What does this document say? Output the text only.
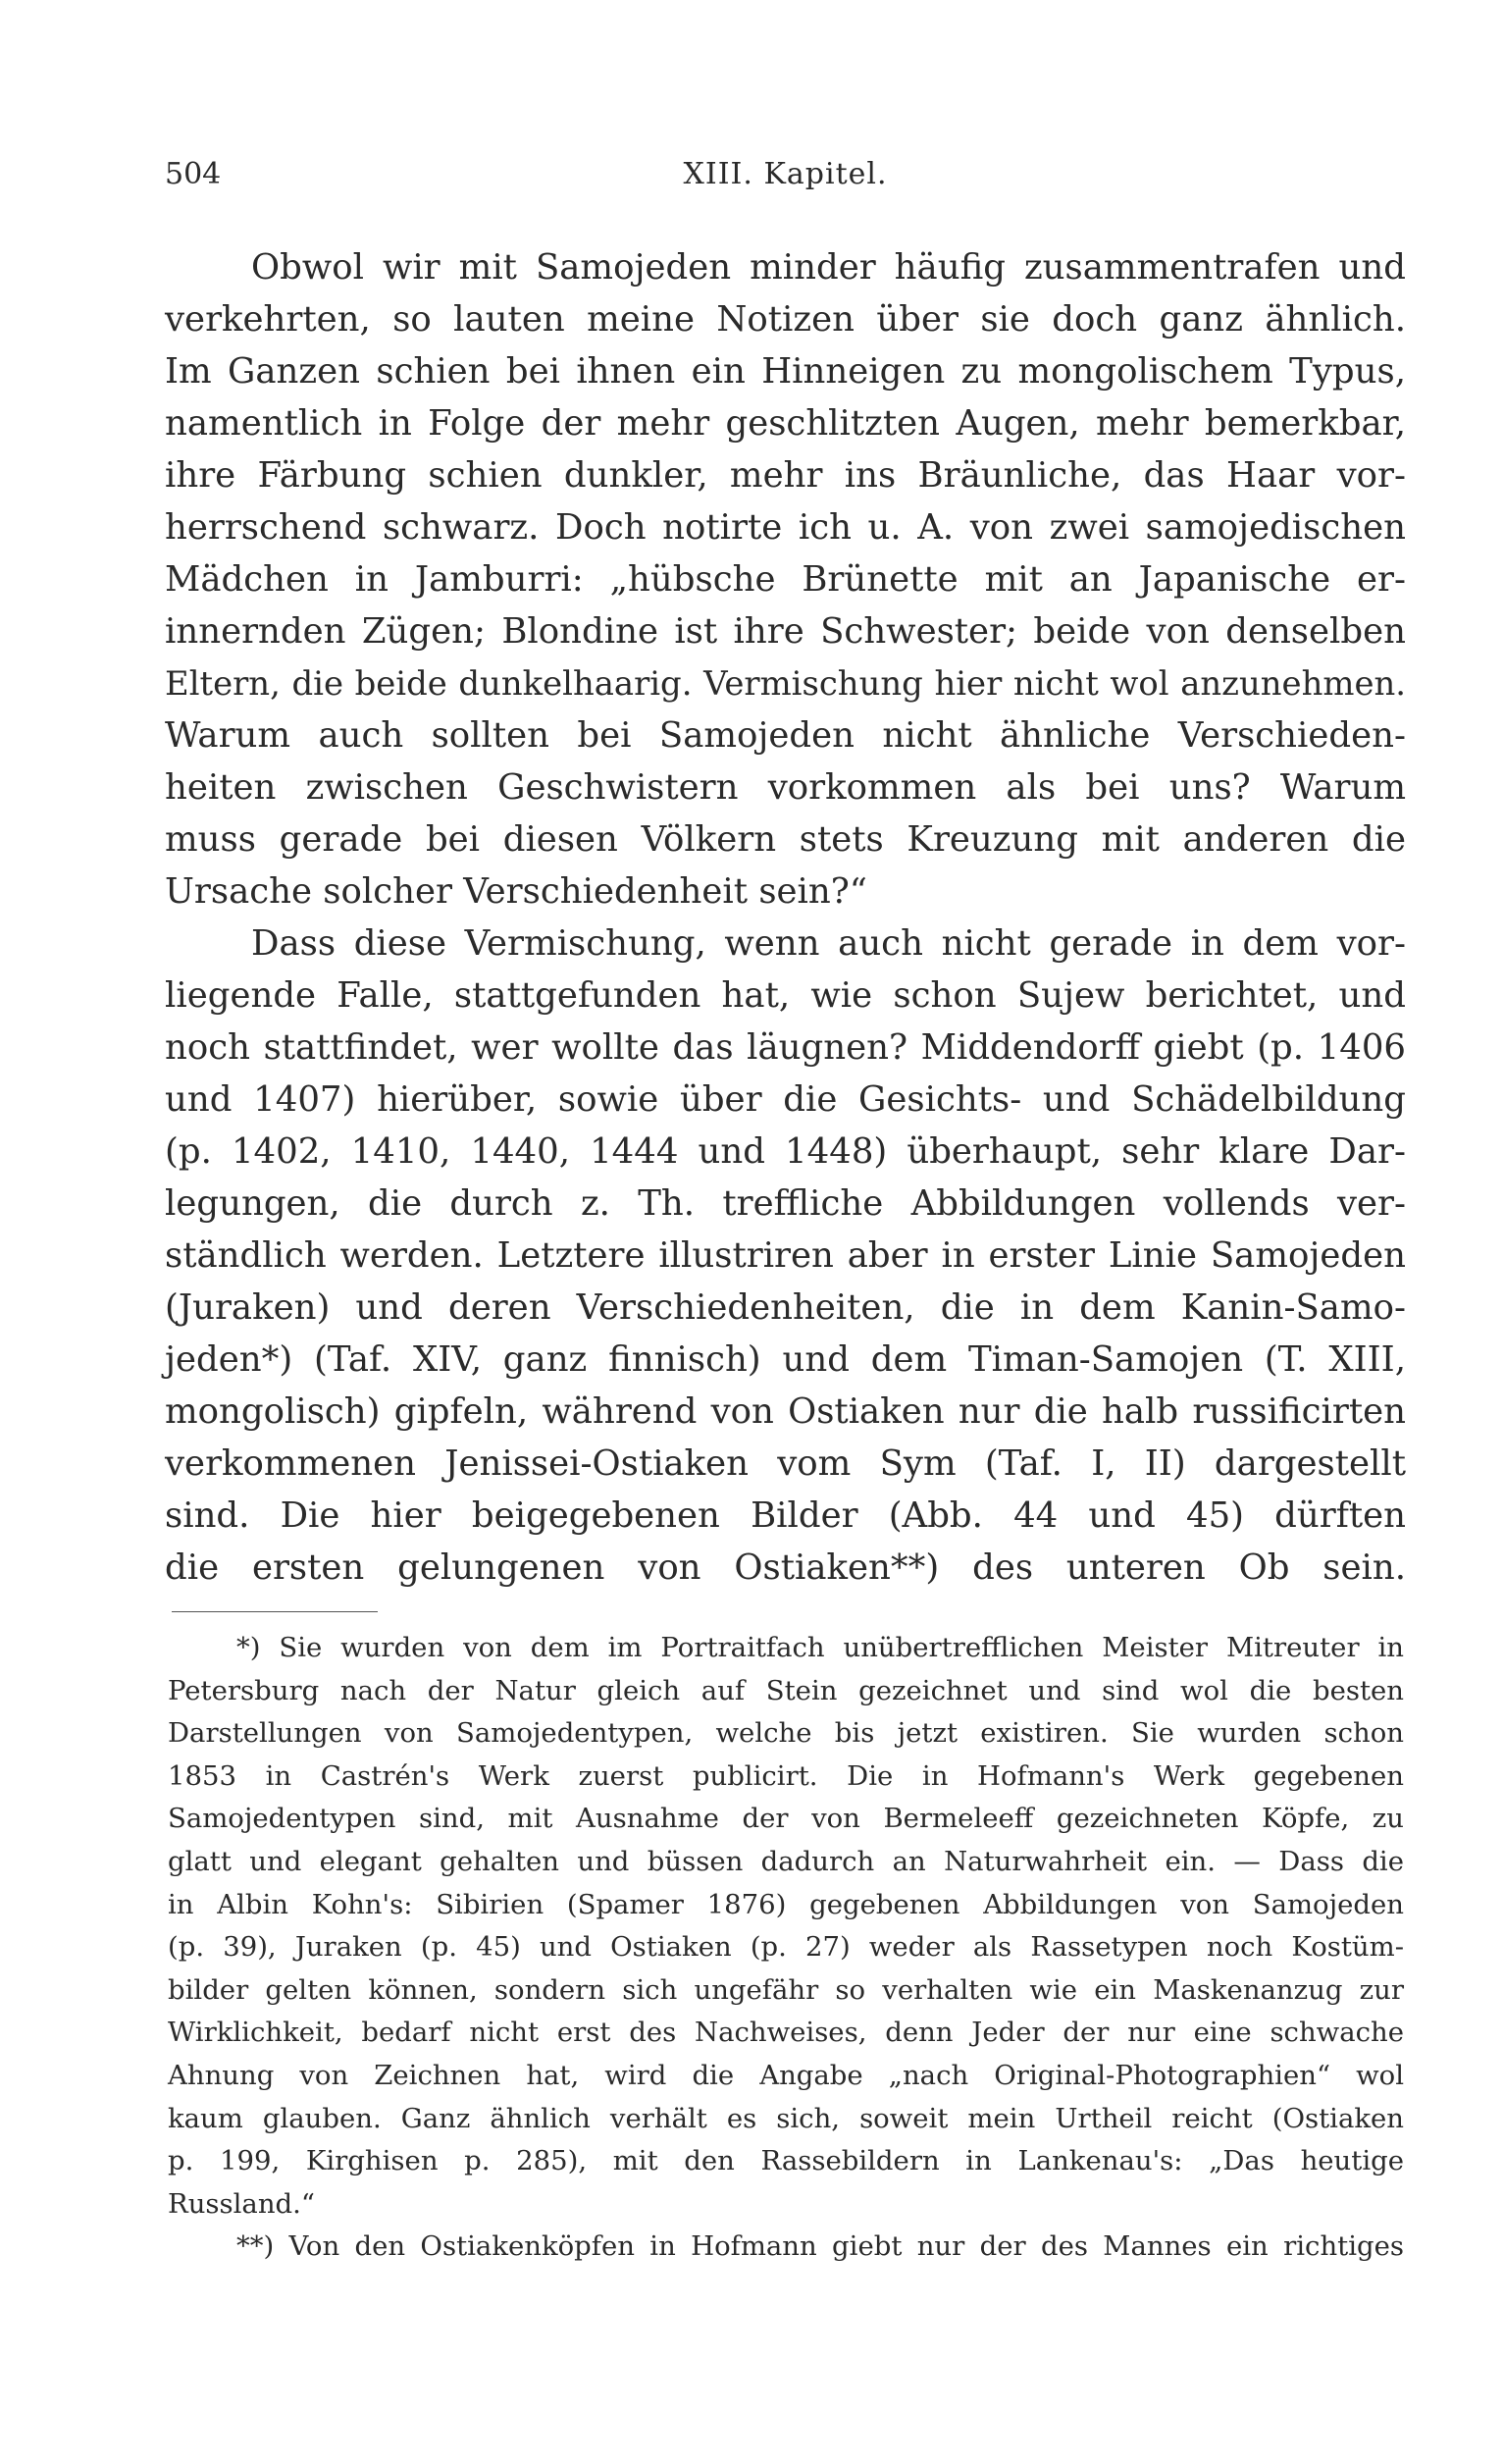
504	XIII. Kapitel.
Obwol wir mit Samojeden minder häufig zusammentrafen und
verkehrten, so lauten meine Notizen über sie doch ganz ähnlich.
Im Ganzen schien bei ihnen ein Hinneigen zu mongolischem Typus,
namentlich in Folge der mehr geschlitzten Augen, mehr bemerkbar,
ihre Färbung schien dunkler, mehr ins Bräunliche, das Haar vor-
herrschend schwarz. Doch notirte ich u. A. von zwei samojedischen
Mädchen in Jamburri: „hübsche Brünette mit an Japanische er-
innernden Zügen; Blondine ist ihre Schwester; beide von denselben
Eltern, die beide dunkelhaarig. Vermischung hier nicht wol anzunehmen.
Warum auch sollten bei Samojeden nicht ähnliche Verschieden-
heiten zwischen Geschwistern vorkommen als bei uns? Warum
muss gerade bei diesen Völkern stets Kreuzung mit anderen die
Ursache solcher Verschiedenheit sein?“
Dass diese Vermischung, wenn auch nicht gerade in dem vor-
liegende Falle, stattgefunden hat, wie schon Sujew berichtet, und
noch stattfindet, wer wollte das läugnen? Middendorff giebt (p. 1406
und 1407) hierüber, sowie über die Gesichts- und Schädelbildung
(p. 1402, 1410, 1440, 1444 und 1448) überhaupt, sehr klare Dar-
legungen, die durch z. Th. treffliche Abbildungen vollends ver-
ständlich werden. Letztere illustriren aber in erster Linie Samojeden
(Juraken) und deren Verschiedenheiten, die in dem Kanin-Samo-
jeden*) (Taf. XIV, ganz finnisch) und dem Timan-Samojen (T. XIII,
mongolisch) gipfeln, während von Ostiaken nur die halb russificirten
verkommenen Jenissei-Ostiaken vom Sym (Taf. I, II) dargestellt
sind. Die hier beigegebenen Bilder (Abb. 44 und 45) dürften
die ersten gelungenen von Ostiaken**) des unteren Ob sein.
*) Sie wurden von dem im Portraitfach unübertrefflichen Meister Mitreuter in
Petersburg nach der Natur gleich auf Stein gezeichnet und sind wol die besten
Darstellungen von Samojedentypen, welche bis jetzt existiren. Sie wurden schon
1853 in Castrén's Werk zuerst publicirt. Die in Hofmann's Werk gegebenen
Samojedentypen sind, mit Ausnahme der von Bermeleeff gezeichneten Köpfe, zu
glatt und elegant gehalten und büssen dadurch an Naturwahrheit ein. — Dass die
in Albin Kohn's: Sibirien (Spamer 1876) gegebenen Abbildungen von Samojeden
(p. 39), Juraken (p. 45) und Ostiaken (p. 27) weder als Rassetypen noch Kostüm-
bilder gelten können, sondern sich ungefähr so verhalten wie ein Maskenanzug zur
Wirklichkeit, bedarf nicht erst des Nachweises, denn Jeder der nur eine schwache
Ahnung von Zeichnen hat, wird die Angabe „nach Original-Photographien“ wol
kaum glauben. Ganz ähnlich verhält es sich, soweit mein Urtheil reicht (Ostiaken
p. 199, Kirghisen p. 285), mit den Rassebildern in Lankenau's: „Das heutige
Russland.“
**) Von den Ostiakenköpfen in Hofmann giebt nur der des Mannes ein richtiges
